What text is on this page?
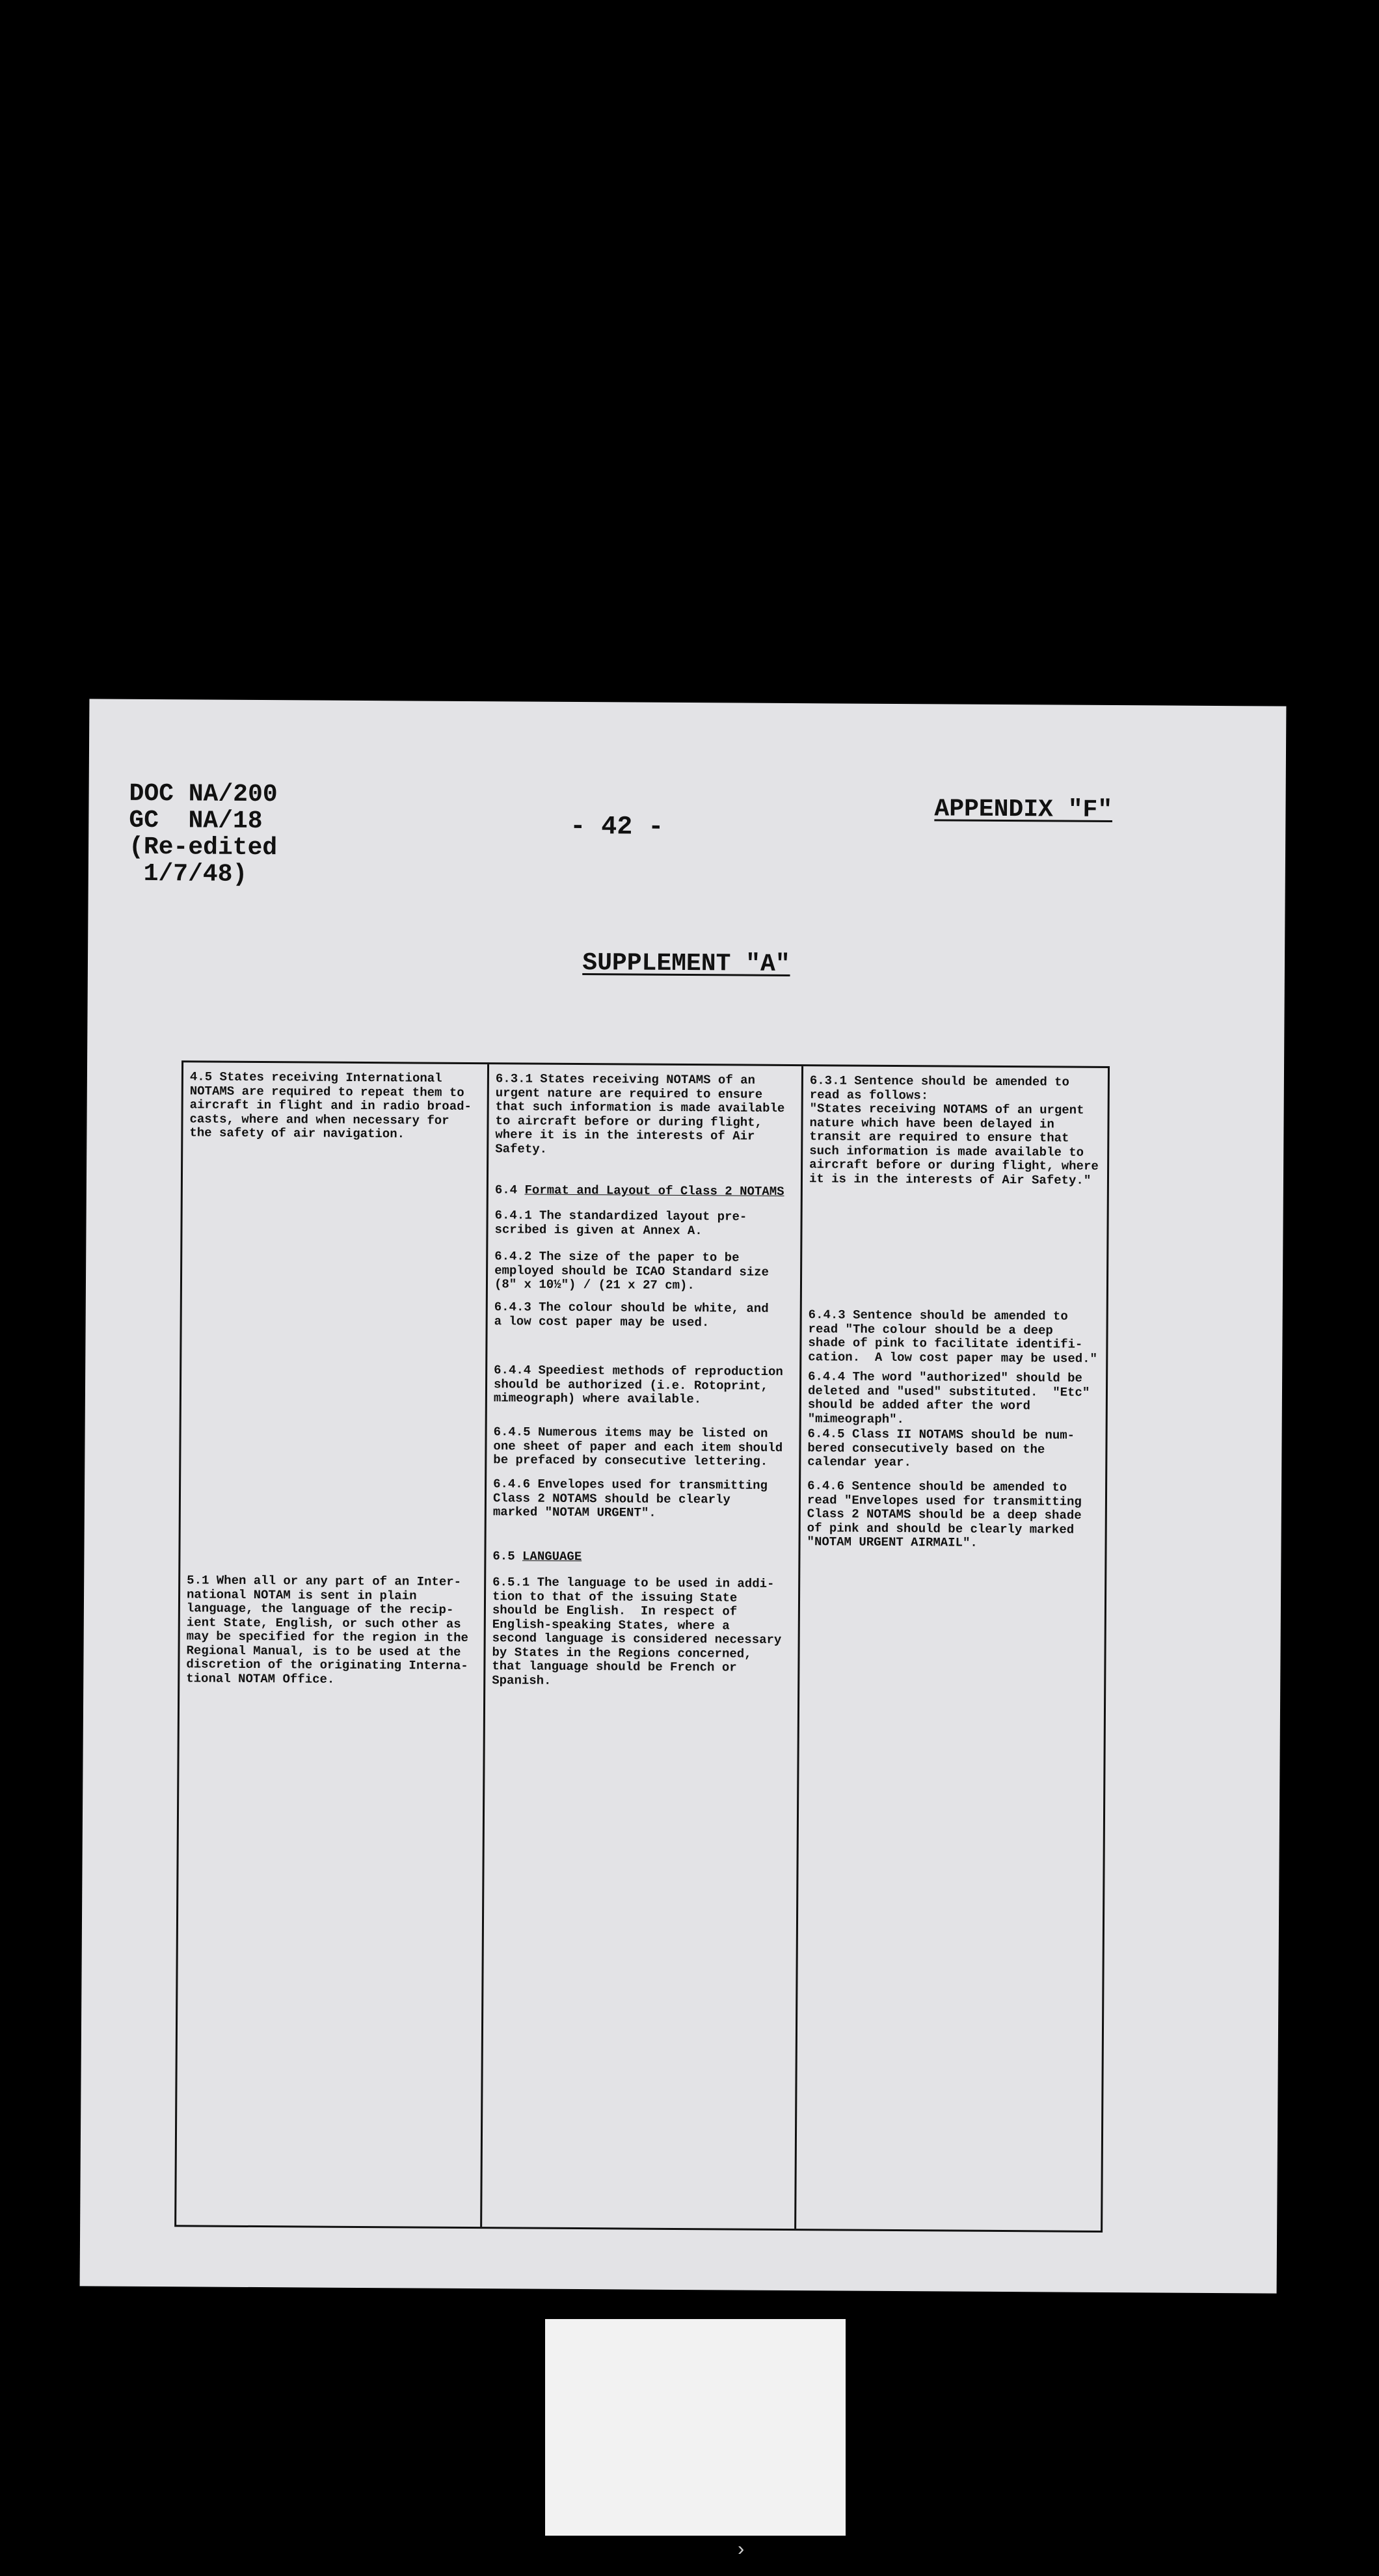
DOC NA/200
GC  NA/18
(Re-edited
1/7/48)
- 42 -
APPENDIX "F"
SUPPLEMENT "A"
4.5 States receiving International
NOTAMS are required to repeat them to
aircraft in flight and in radio broad-
casts, where and when necessary for
the safety of air navigation.
5.1 When all or any part of an Inter-
national NOTAM is sent in plain
language, the language of the recip-
ient State, English, or such other as
may be specified for the region in the
Regional Manual, is to be used at the
discretion of the originating Interna-
tional NOTAM Office.
6.3.1 States receiving NOTAMS of an
urgent nature are required to ensure
that such information is made available
to aircraft before or during flight,
where it is in the interests of Air
Safety.
6.4 Format and Layout of Class 2 NOTAMS
6.4.1 The standardized layout pre-
scribed is given at Annex A.
6.4.2 The size of the paper to be
employed should be ICAO Standard size
(8" x 10½") / (21 x 27 cm).
6.4.3 The colour should be white, and
a low cost paper may be used.
6.4.4 Speediest methods of reproduction
should be authorized (i.e. Rotoprint,
mimeograph) where available.
6.4.5 Numerous items may be listed on
one sheet of paper and each item should
be prefaced by consecutive lettering.
6.4.6 Envelopes used for transmitting
Class 2 NOTAMS should be clearly
marked "NOTAM URGENT".
6.5 LANGUAGE
6.5.1 The language to be used in addi-
tion to that of the issuing State
should be English.  In respect of
English-speaking States, where a
second language is considered necessary
by States in the Regions concerned,
that language should be French or
Spanish.
6.3.1 Sentence should be amended to
read as follows:
"States receiving NOTAMS of an urgent
nature which have been delayed in
transit are required to ensure that
such information is made available to
aircraft before or during flight, where
it is in the interests of Air Safety."
6.4.3 Sentence should be amended to
read "The colour should be a deep
shade of pink to facilitate identifi-
cation.  A low cost paper may be used."
6.4.4 The word "authorized" should be
deleted and "used" substituted.  "Etc"
should be added after the word
"mimeograph".
6.4.5 Class II NOTAMS should be num-
bered consecutively based on the
calendar year.
6.4.6 Sentence should be amended to
read "Envelopes used for transmitting
Class 2 NOTAMS should be a deep shade
of pink and should be clearly marked
"NOTAM URGENT AIRMAIL".
›
